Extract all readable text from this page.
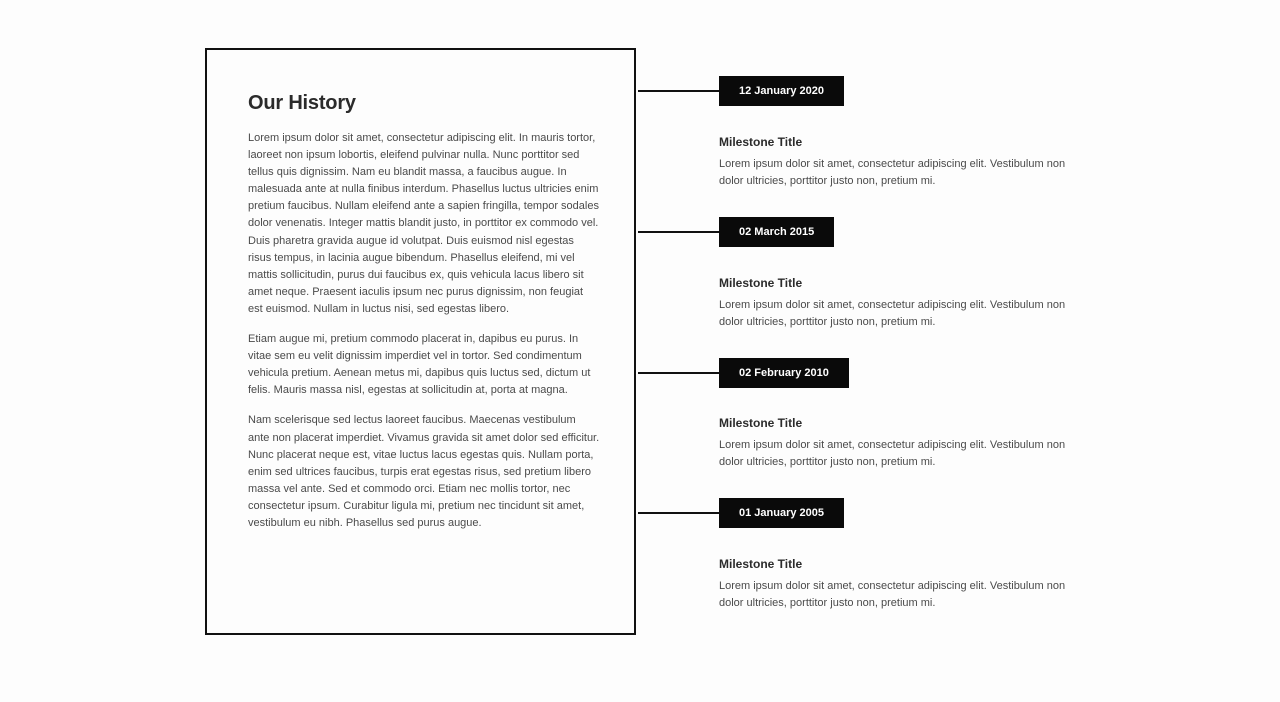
Our History

Lorem ipsum dolor sit amet, consectetur adipiscing elit. In mauris tortor, laoreet non ipsum lobortis, eleifend pulvinar nulla. Nunc porttitor sed tellus quis dignissim. Nam eu blandit massa, a faucibus augue. In malesuada ante at nulla finibus interdum. Phasellus luctus ultricies enim pretium faucibus. Nullam eleifend ante a sapien fringilla, tempor sodales dolor venenatis. Integer mattis blandit justo, in porttitor ex commodo vel. Duis pharetra gravida augue id volutpat. Duis euismod nisl egestas risus tempus, in lacinia augue bibendum. Phasellus eleifend, mi vel mattis sollicitudin, purus dui faucibus ex, quis vehicula lacus libero sit amet neque. Praesent iaculis ipsum nec purus dignissim, non feugiat est euismod. Nullam in luctus nisi, sed egestas libero.

Etiam augue mi, pretium commodo placerat in, dapibus eu purus. In vitae sem eu velit dignissim imperdiet vel in tortor. Sed condimentum vehicula pretium. Aenean metus mi, dapibus quis luctus sed, dictum ut felis. Mauris massa nisl, egestas at sollicitudin at, porta at magna.

Nam scelerisque sed lectus laoreet faucibus. Maecenas vestibulum ante non placerat imperdiet. Vivamus gravida sit amet dolor sed efficitur. Nunc placerat neque est, vitae luctus lacus egestas quis. Nullam porta, enim sed ultrices faucibus, turpis erat egestas risus, sed pretium libero massa vel ante. Sed et commodo orci. Etiam nec mollis tortor, nec consectetur ipsum. Curabitur ligula mi, pretium nec tincidunt sit amet, vestibulum eu nibh. Phasellus sed purus augue.

12 January 2020
Milestone Title

Lorem ipsum dolor sit amet, consectetur adipiscing elit. Vestibulum non dolor ultricies, porttitor justo non, pretium mi.

02 March 2015
Milestone Title

Lorem ipsum dolor sit amet, consectetur adipiscing elit. Vestibulum non dolor ultricies, porttitor justo non, pretium mi.

02 February 2010
Milestone Title

Lorem ipsum dolor sit amet, consectetur adipiscing elit. Vestibulum non dolor ultricies, porttitor justo non, pretium mi.

01 January 2005
Milestone Title

Lorem ipsum dolor sit amet, consectetur adipiscing elit. Vestibulum non dolor ultricies, porttitor justo non, pretium mi.
